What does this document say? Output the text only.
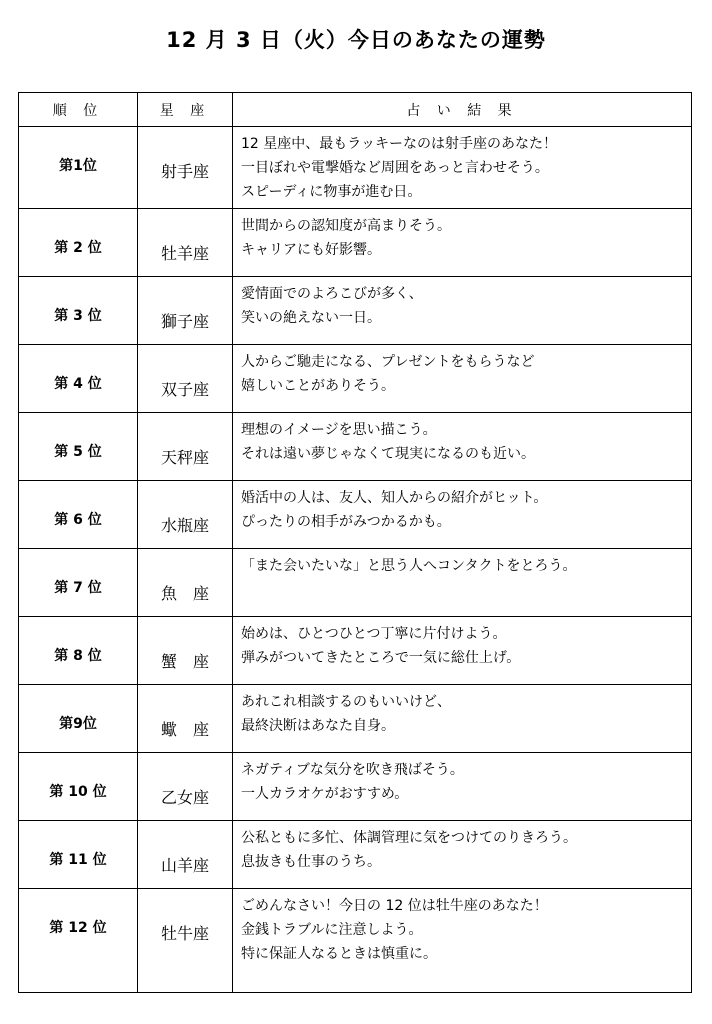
12 月 3 日（火）今日のあなたの運勢
順 位	星 座	占 い 結 果
第1位	射手座	12 星座中、最もラッキーなのは射手座のあなた！
一目ぼれや電撃婚など周囲をあっと言わせそう。
スピーディに物事が進む日。

第 2 位	牡羊座	世間からの認知度が高まりそう。
キャリアにも好影響。

第 3 位	獅子座	愛情面でのよろこびが多く、
笑いの絶えない一日。

第 4 位	双子座	人からご馳走になる、プレゼントをもらうなど
嬉しいことがありそう。

第 5 位	天秤座	理想のイメージを思い描こう。
それは遠い夢じゃなくて現実になるのも近い。

第 6 位	水瓶座	婚活中の人は、友人、知人からの紹介がヒット。
ぴったりの相手がみつかるかも。

第 7 位	魚　座	「また会いたいな」と思う人へコンタクトをとろう。

第 8 位	蟹　座	始めは、ひとつひとつ丁寧に片付けよう。
弾みがついてきたところで一気に総仕上げ。

第9位	蠍　座	あれこれ相談するのもいいけど、
最終決断はあなた自身。

第 10 位	乙女座	ネガティブな気分を吹き飛ばそう。
一人カラオケがおすすめ。

第 11 位	山羊座	公私ともに多忙、体調管理に気をつけてのりきろう。
息抜きも仕事のうち。

第 12 位	牡牛座	ごめんなさい！今日の 12 位は牡牛座のあなた！
金銭トラブルに注意しよう。
特に保証人なるときは慎重に。
